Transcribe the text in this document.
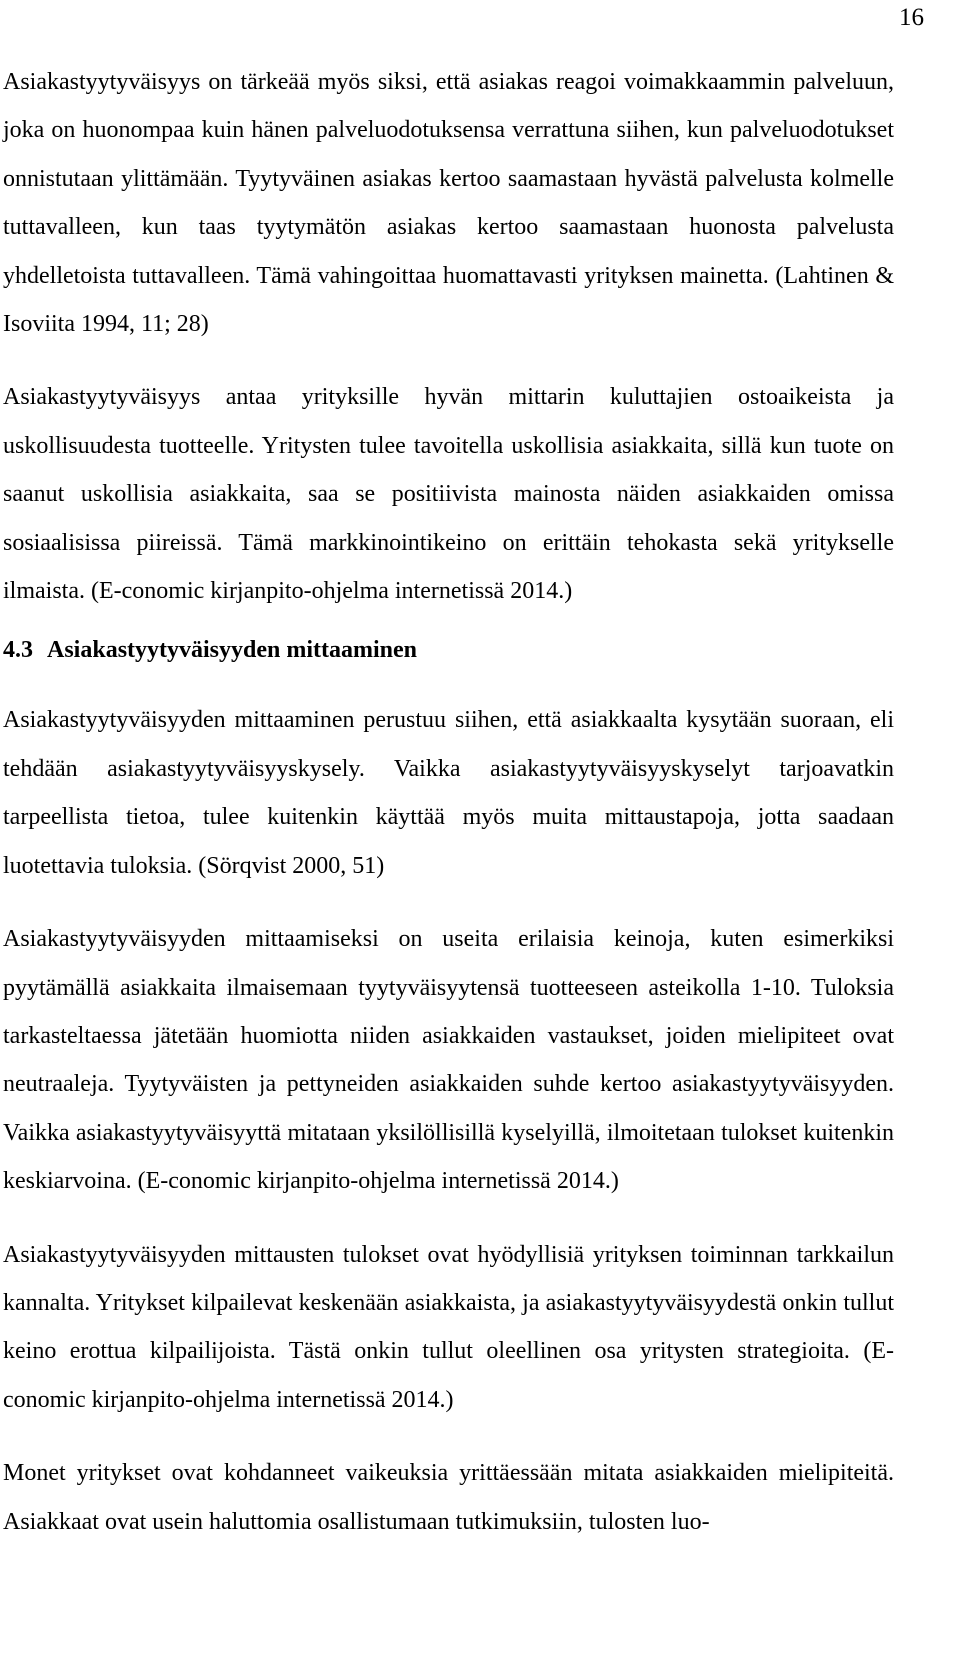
16

Asiakastyytyväisyys on tärkeää myös siksi, että asiakas reagoi voimakkaammin palveluun, joka on huonompaa kuin hänen palveluodotuksensa verrattuna siihen, kun palveluodotukset onnistutaan ylittämään. Tyytyväinen asiakas kertoo saamastaan hyvästä palvelusta kolmelle tuttavalleen, kun taas tyytymätön asiakas kertoo saamastaan huonosta palvelusta yhdelletoista tuttavalleen. Tämä vahingoittaa huomattavasti yrityksen mainetta. (Lahtinen & Isoviita 1994, 11; 28)

Asiakastyytyväisyys antaa yrityksille hyvän mittarin kuluttajien ostoaikeista ja uskollisuudesta tuotteelle. Yritysten tulee tavoitella uskollisia asiakkaita, sillä kun tuote on saanut uskollisia asiakkaita, saa se positiivista mainosta näiden asiakkaiden omissa sosiaalisissa piireissä. Tämä markkinointikeino on erittäin tehokasta sekä yritykselle ilmaista. (E-conomic kirjanpito-ohjelma internetissä 2014.)

4.3 Asiakastyytyväisyyden mittaaminen

Asiakastyytyväisyyden mittaaminen perustuu siihen, että asiakkaalta kysytään suoraan, eli tehdään asiakastyytyväisyyskysely. Vaikka asiakastyytyväisyyskyselyt tarjoavatkin tarpeellista tietoa, tulee kuitenkin käyttää myös muita mittaustapoja, jotta saadaan luotettavia tuloksia. (Sörqvist 2000, 51)

Asiakastyytyväisyyden mittaamiseksi on useita erilaisia keinoja, kuten esimerkiksi pyytämällä asiakkaita ilmaisemaan tyytyväisyytensä tuotteeseen asteikolla 1-10. Tuloksia tarkasteltaessa jätetään huomiotta niiden asiakkaiden vastaukset, joiden mielipiteet ovat neutraaleja. Tyytyväisten ja pettyneiden asiakkaiden suhde kertoo asiakastyytyväisyyden. Vaikka asiakastyytyväisyyttä mitataan yksilöllisillä kyselyillä, ilmoitetaan tulokset kuitenkin keskiarvoina. (E-conomic kirjanpito-ohjelma internetissä 2014.)

Asiakastyytyväisyyden mittausten tulokset ovat hyödyllisiä yrityksen toiminnan tarkkailun kannalta. Yritykset kilpailevat keskenään asiakkaista, ja asiakastyytyväisyydestä onkin tullut keino erottua kilpailijoista. Tästä onkin tullut oleellinen osa yritysten strategioita. (E-conomic kirjanpito-ohjelma internetissä 2014.)

Monet yritykset ovat kohdanneet vaikeuksia yrittäessään mitata asiakkaiden mielipiteitä. Asiakkaat ovat usein haluttomia osallistumaan tutkimuksiin, tulosten luo-
